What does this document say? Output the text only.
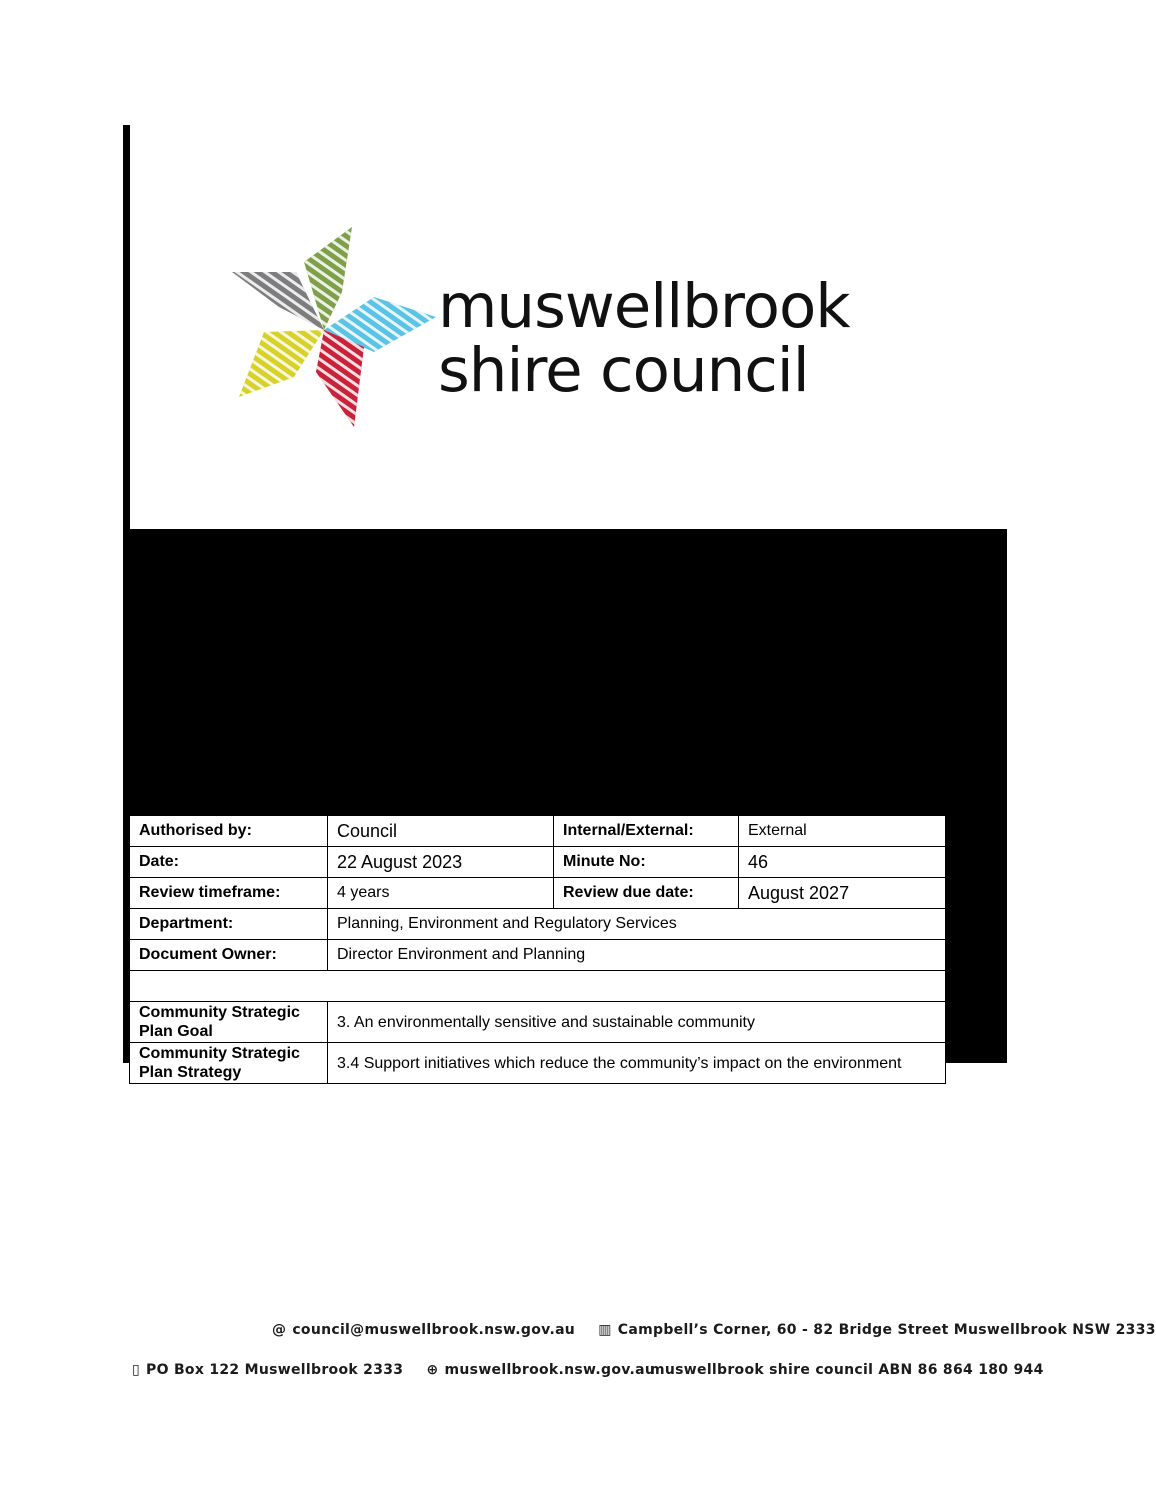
muswellbrook
shire council
Authorised by:	Council	Internal/External:	External
Date:	22 August 2023	Minute No:	46
Review timeframe:	4 years	Review due date:	August 2027
Department:	Planning, Environment and Regulatory Services		
Document Owner:	Director Environment and Planning		

Community Strategic Plan Goal	3. An environmentally sensitive and sustainable community		
Community Strategic Plan Strategy	3.4 Support initiatives which reduce the community’s impact on the environment		
@ council@muswellbrook.nsw.gov.au ▥ Campbell’s Corner, 60 - 82 Bridge Street Muswellbrook NSW 2333
▯ PO Box 122 Muswellbrook 2333 ⊕ muswellbrook.nsw.gov.au
muswellbrook shire council ABN 86 864 180 944
